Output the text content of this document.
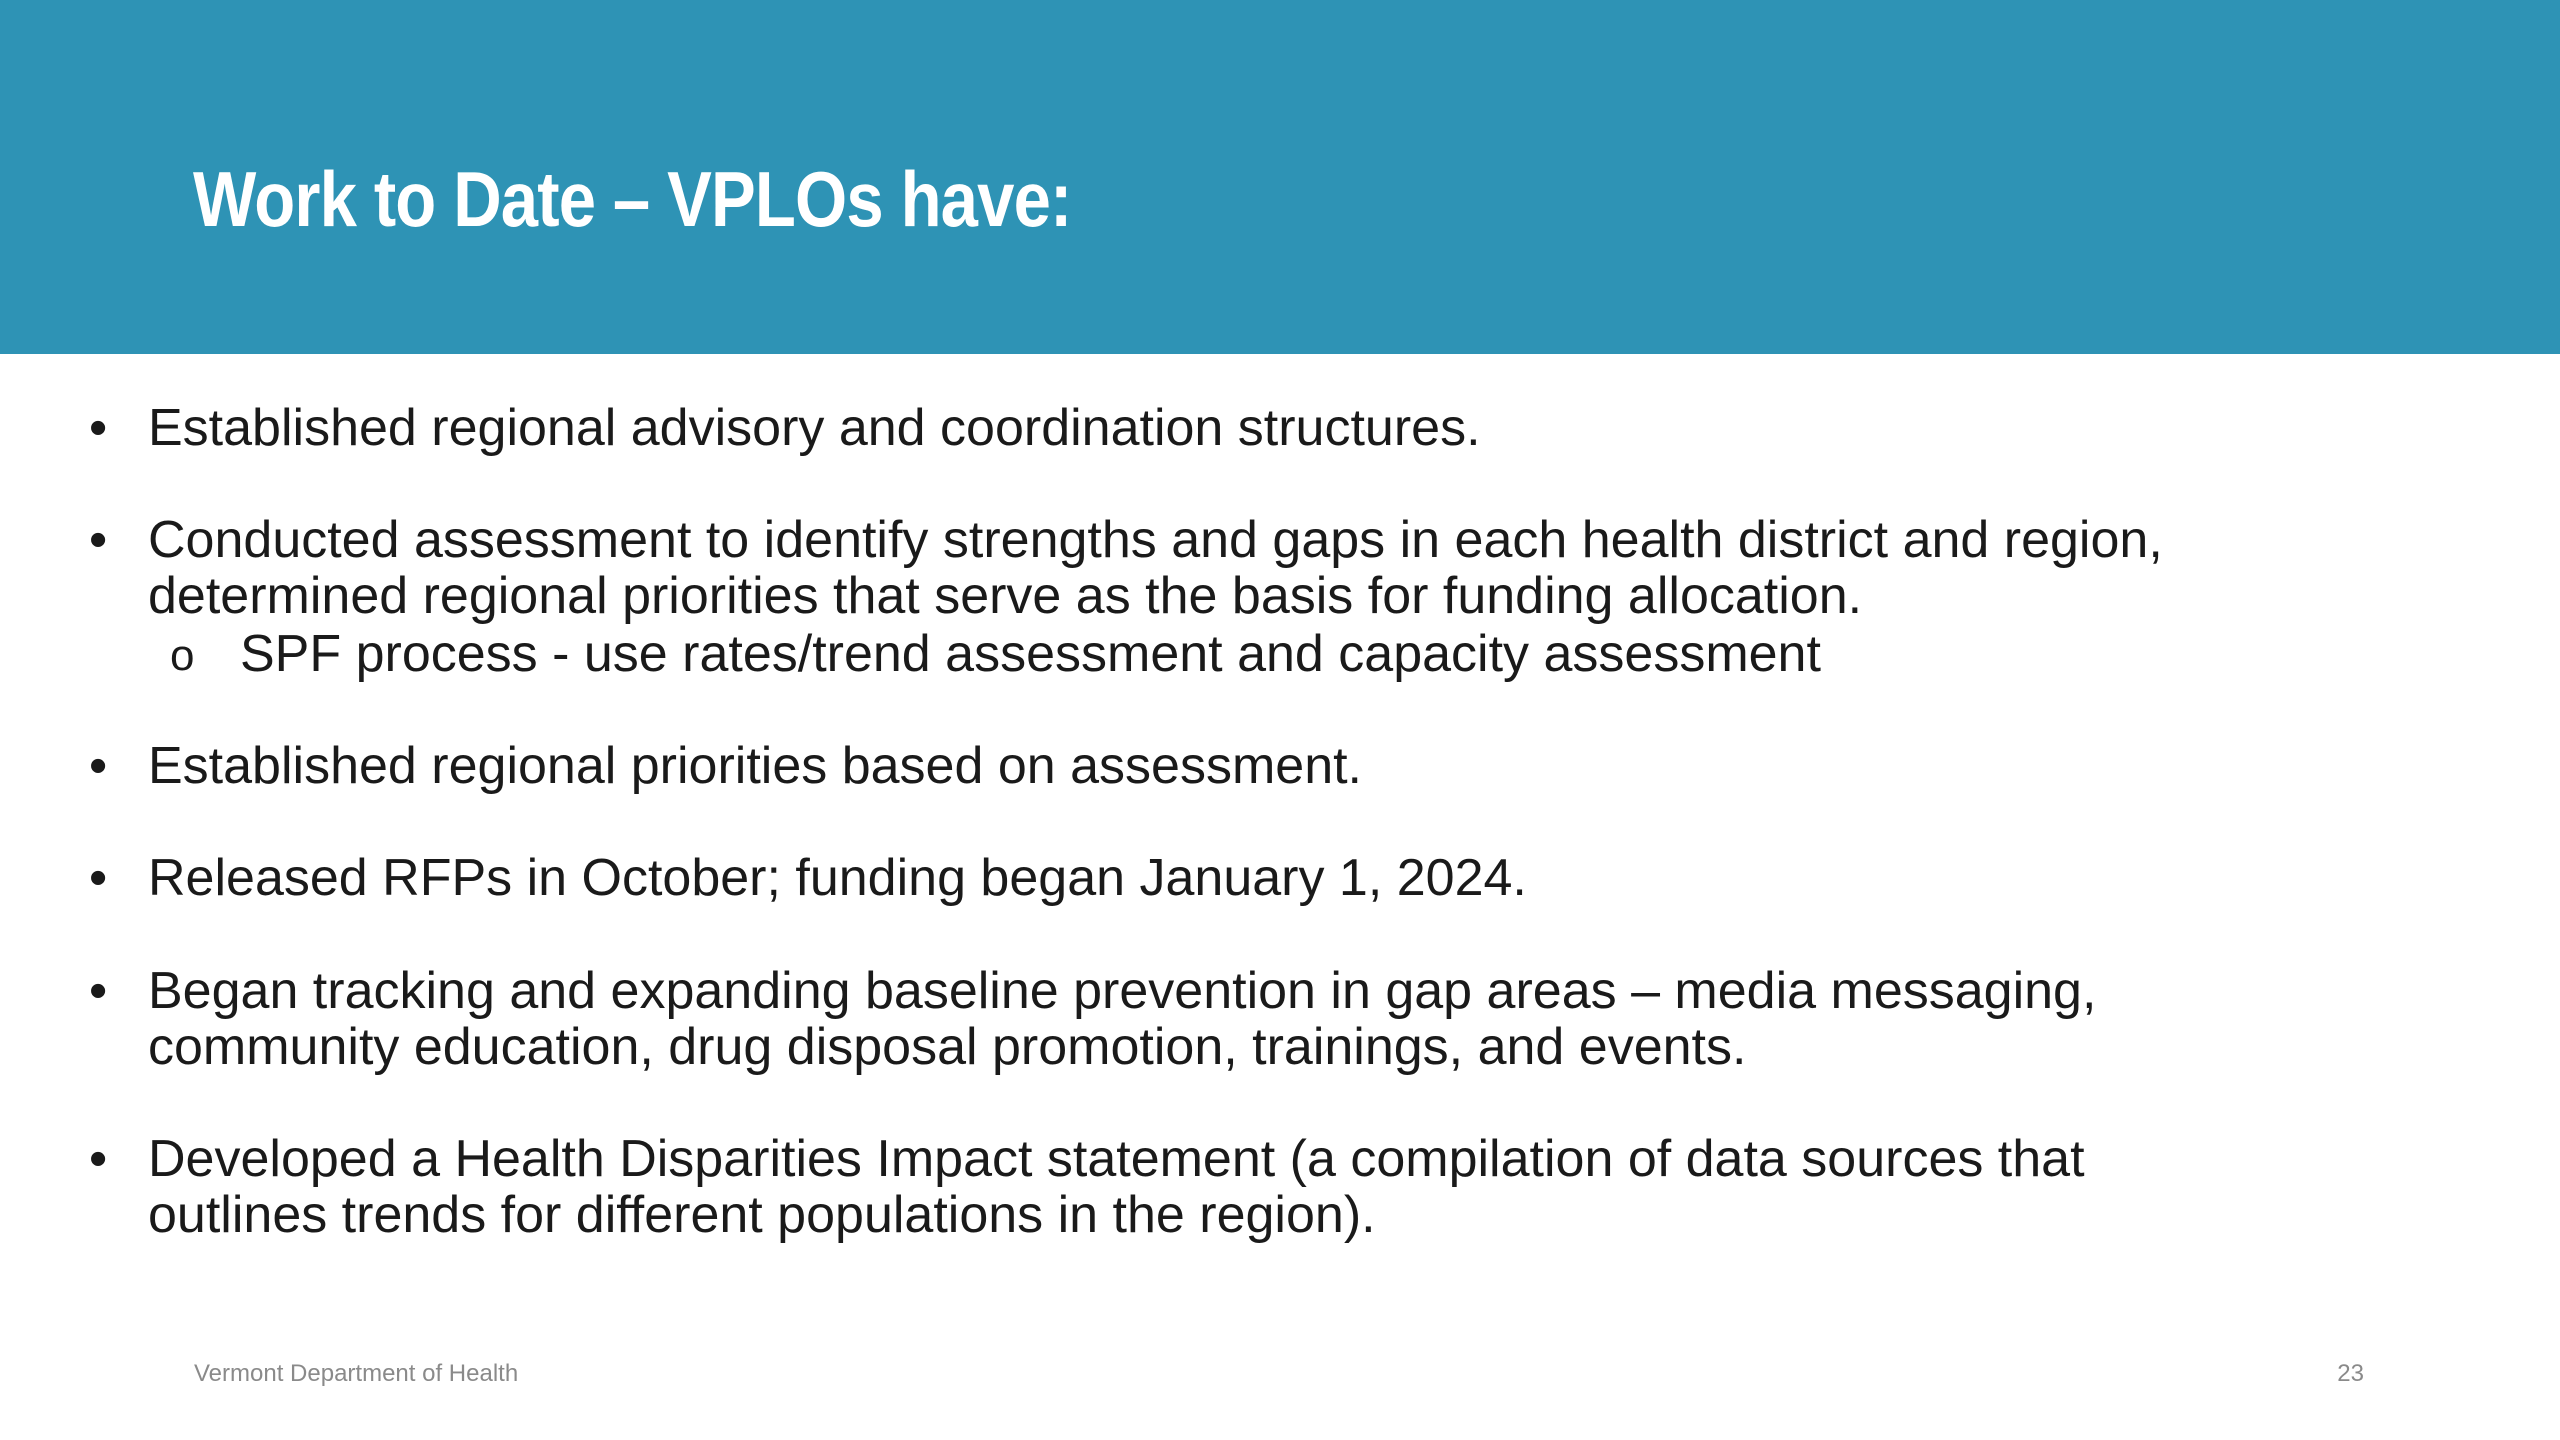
Work to Date – VPLOs have:
• Established regional advisory and coordination structures.
• Conducted assessment to identify strengths and gaps in each health district and region,
determined regional priorities that serve as the basis for funding allocation.
o SPF process - use rates/trend assessment and capacity assessment
• Established regional priorities based on assessment.
• Released RFPs in October; funding began January 1, 2024.
• Began tracking and expanding baseline prevention in gap areas – media messaging,
community education, drug disposal promotion, trainings, and events.
• Developed a Health Disparities Impact statement (a compilation of data sources that
outlines trends for different populations in the region).
Vermont Department of Health	23
